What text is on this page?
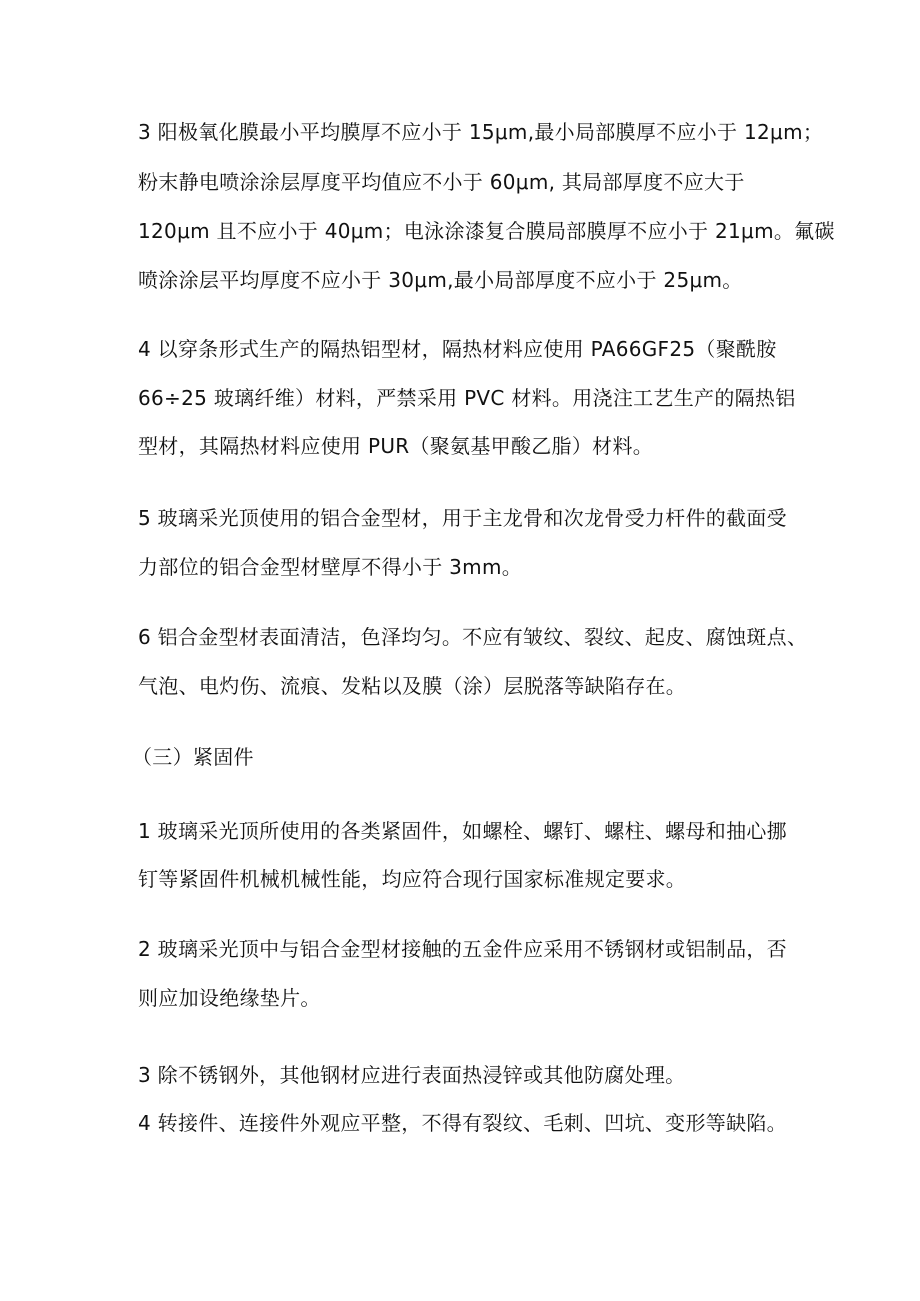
3 阳极氧化膜最小平均膜厚不应小于 15μm,最小局部膜厚不应小于 12μm；
粉末静电喷涂涂层厚度平均值应不小于 60μm, 其局部厚度不应大于
120μm 且不应小于 40μm；电泳涂漆复合膜局部膜厚不应小于 21μm。氟碳
喷涂涂层平均厚度不应小于 30μm,最小局部厚度不应小于 25μm。
4 以穿条形式生产的隔热铝型材，隔热材料应使用 PA66GF25（聚酰胺
66÷25 玻璃纤维）材料，严禁采用 PVC 材料。用浇注工艺生产的隔热铝
型材，其隔热材料应使用 PUR（聚氨基甲酸乙脂）材料。
5 玻璃采光顶使用的铝合金型材，用于主龙骨和次龙骨受力杆件的截面受
力部位的铝合金型材壁厚不得小于 3mm。
6 铝合金型材表面清洁，色泽均匀。不应有皱纹、裂纹、起皮、腐蚀斑点、
气泡、电灼伤、流痕、发粘以及膜（涂）层脱落等缺陷存在。
（三）紧固件
1 玻璃采光顶所使用的各类紧固件，如螺栓、螺钉、螺柱、螺母和抽心挪
钉等紧固件机械机械性能，均应符合现行国家标准规定要求。
2 玻璃采光顶中与铝合金型材接触的五金件应采用不锈钢材或铝制品，否
则应加设绝缘垫片。
3 除不锈钢外，其他钢材应进行表面热浸锌或其他防腐处理。
4 转接件、连接件外观应平整，不得有裂纹、毛刺、凹坑、变形等缺陷。
